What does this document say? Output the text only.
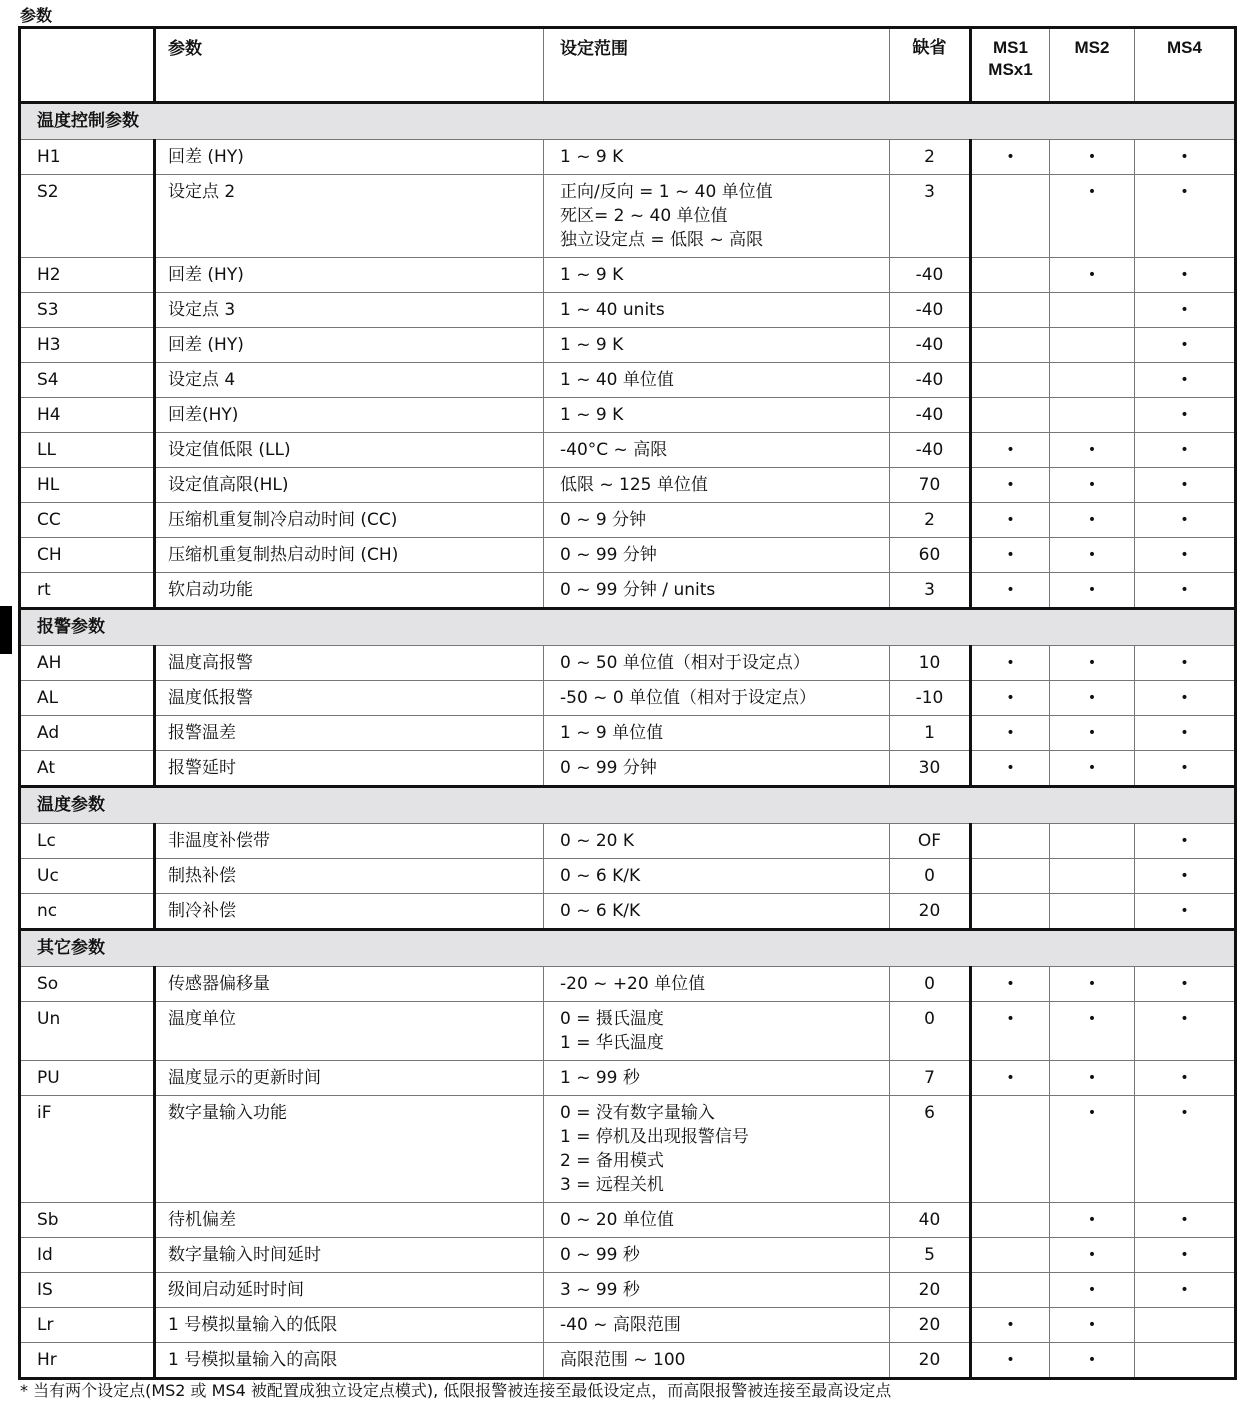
参数
	参数	设定范围	缺省	MS1
MSx1	MS2	MS4
温度控制参数						
H1	回差 (HY)	1 ~ 9 K	2	•	•	•
S2	设定点 2	正向/反向 = 1 ~ 40 单位值
死区= 2 ~ 40 单位值
独立设定点 = 低限 ~ 高限	3		•	•
H2	回差 (HY)	1 ~ 9 K	-40		•	•
S3	设定点 3	1 ~ 40 units	-40			•
H3	回差 (HY)	1 ~ 9 K	-40			•
S4	设定点 4	1 ~ 40 单位值	-40			•
H4	回差(HY)	1 ~ 9 K	-40			•
LL	设定值低限 (LL)	-40°C ~ 高限	-40	•	•	•
HL	设定值高限(HL)	低限 ~ 125 单位值	70	•	•	•
CC	压缩机重复制冷启动时间 (CC)	0 ~ 9 分钟	2	•	•	•
CH	压缩机重复制热启动时间 (CH)	0 ~ 99 分钟	60	•	•	•
rt	软启动功能	0 ~ 99 分钟 / units	3	•	•	•
报警参数						
AH	温度高报警	0 ~ 50 单位值（相对于设定点）	10	•	•	•
AL	温度低报警	-50 ~ 0 单位值（相对于设定点）	-10	•	•	•
Ad	报警温差	1 ~ 9 单位值	1	•	•	•
At	报警延时	0 ~ 99 分钟	30	•	•	•
温度参数						
Lc	非温度补偿带	0 ~ 20 K	OF			•
Uc	制热补偿	0 ~ 6 K/K	0			•
nc	制冷补偿	0 ~ 6 K/K	20			•
其它参数						
So	传感器偏移量	-20 ~ +20 单位值	0	•	•	•
Un	温度单位	0 = 摄氏温度
1 = 华氏温度	0	•	•	•
PU	温度显示的更新时间	1 ~ 99 秒	7	•	•	•
iF	数字量输入功能	0 = 没有数字量输入
1 = 停机及出现报警信号
2 = 备用模式
3 = 远程关机	6		•	•
Sb	待机偏差	0 ~ 20 单位值	40		•	•
Id	数字量输入时间延时	0 ~ 99 秒	5		•	•
IS	级间启动延时时间	3 ~ 99 秒	20		•	•
Lr	1 号模拟量输入的低限	-40 ~ 高限范围	20	•	•	
Hr	1 号模拟量输入的高限	高限范围 ~ 100	20	•	•	
* 当有两个设定点(MS2 或 MS4 被配置成独立设定点模式), 低限报警被连接至最低设定点，而高限报警被连接至最高设定点
